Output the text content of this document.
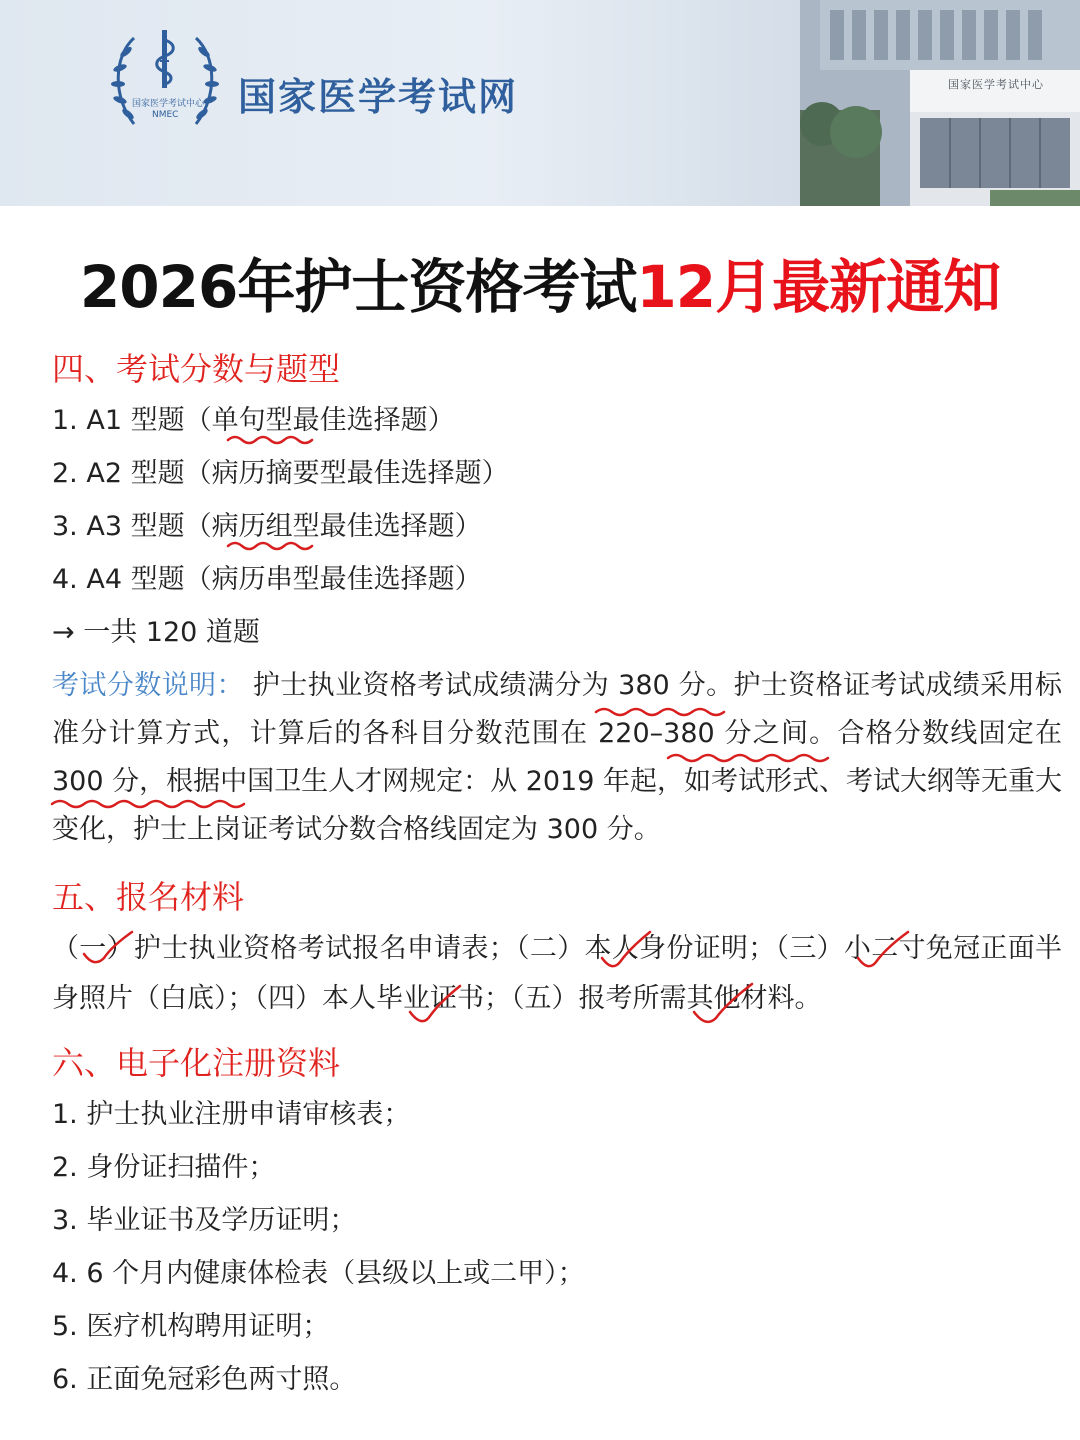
国家医学考试中心
国家医学考试中心
NMEC 国家医学考试网
2026年护士资格考试12月最新通知
四、考试分数与题型
1. A1 型题（单句型最佳选择题）
2. A2 型题（病历摘要型最佳选择题）
3. A3 型题（病历组型最佳选择题）
4. A4 型题（病历串型最佳选择题）
→ 一共 120 道题
考试分数说明： 护士执业资格考试成绩满分为 380 分。护士资格证考试成绩采用标准分计算方式，计算后的各科目分数范围在 220–380 分之间。合格分数线固定在 300 分，根据中国卫生人才网规定：从 2019 年起，如考试形式、考试大纲等无重大变化，护士上岗证考试分数合格线固定为 300 分。
五、报名材料
（一）护士执业资格考试报名申请表；（二）本人身份证明；（三）小二寸免冠正面半身照片（白底）；（四）本人毕业证书；（五）报考所需其他材料。
六、电子化注册资料
1. 护士执业注册申请审核表；
2. 身份证扫描件；
3. 毕业证书及学历证明；
4. 6 个月内健康体检表（县级以上或二甲）；
5. 医疗机构聘用证明；
6. 正面免冠彩色两寸照。
